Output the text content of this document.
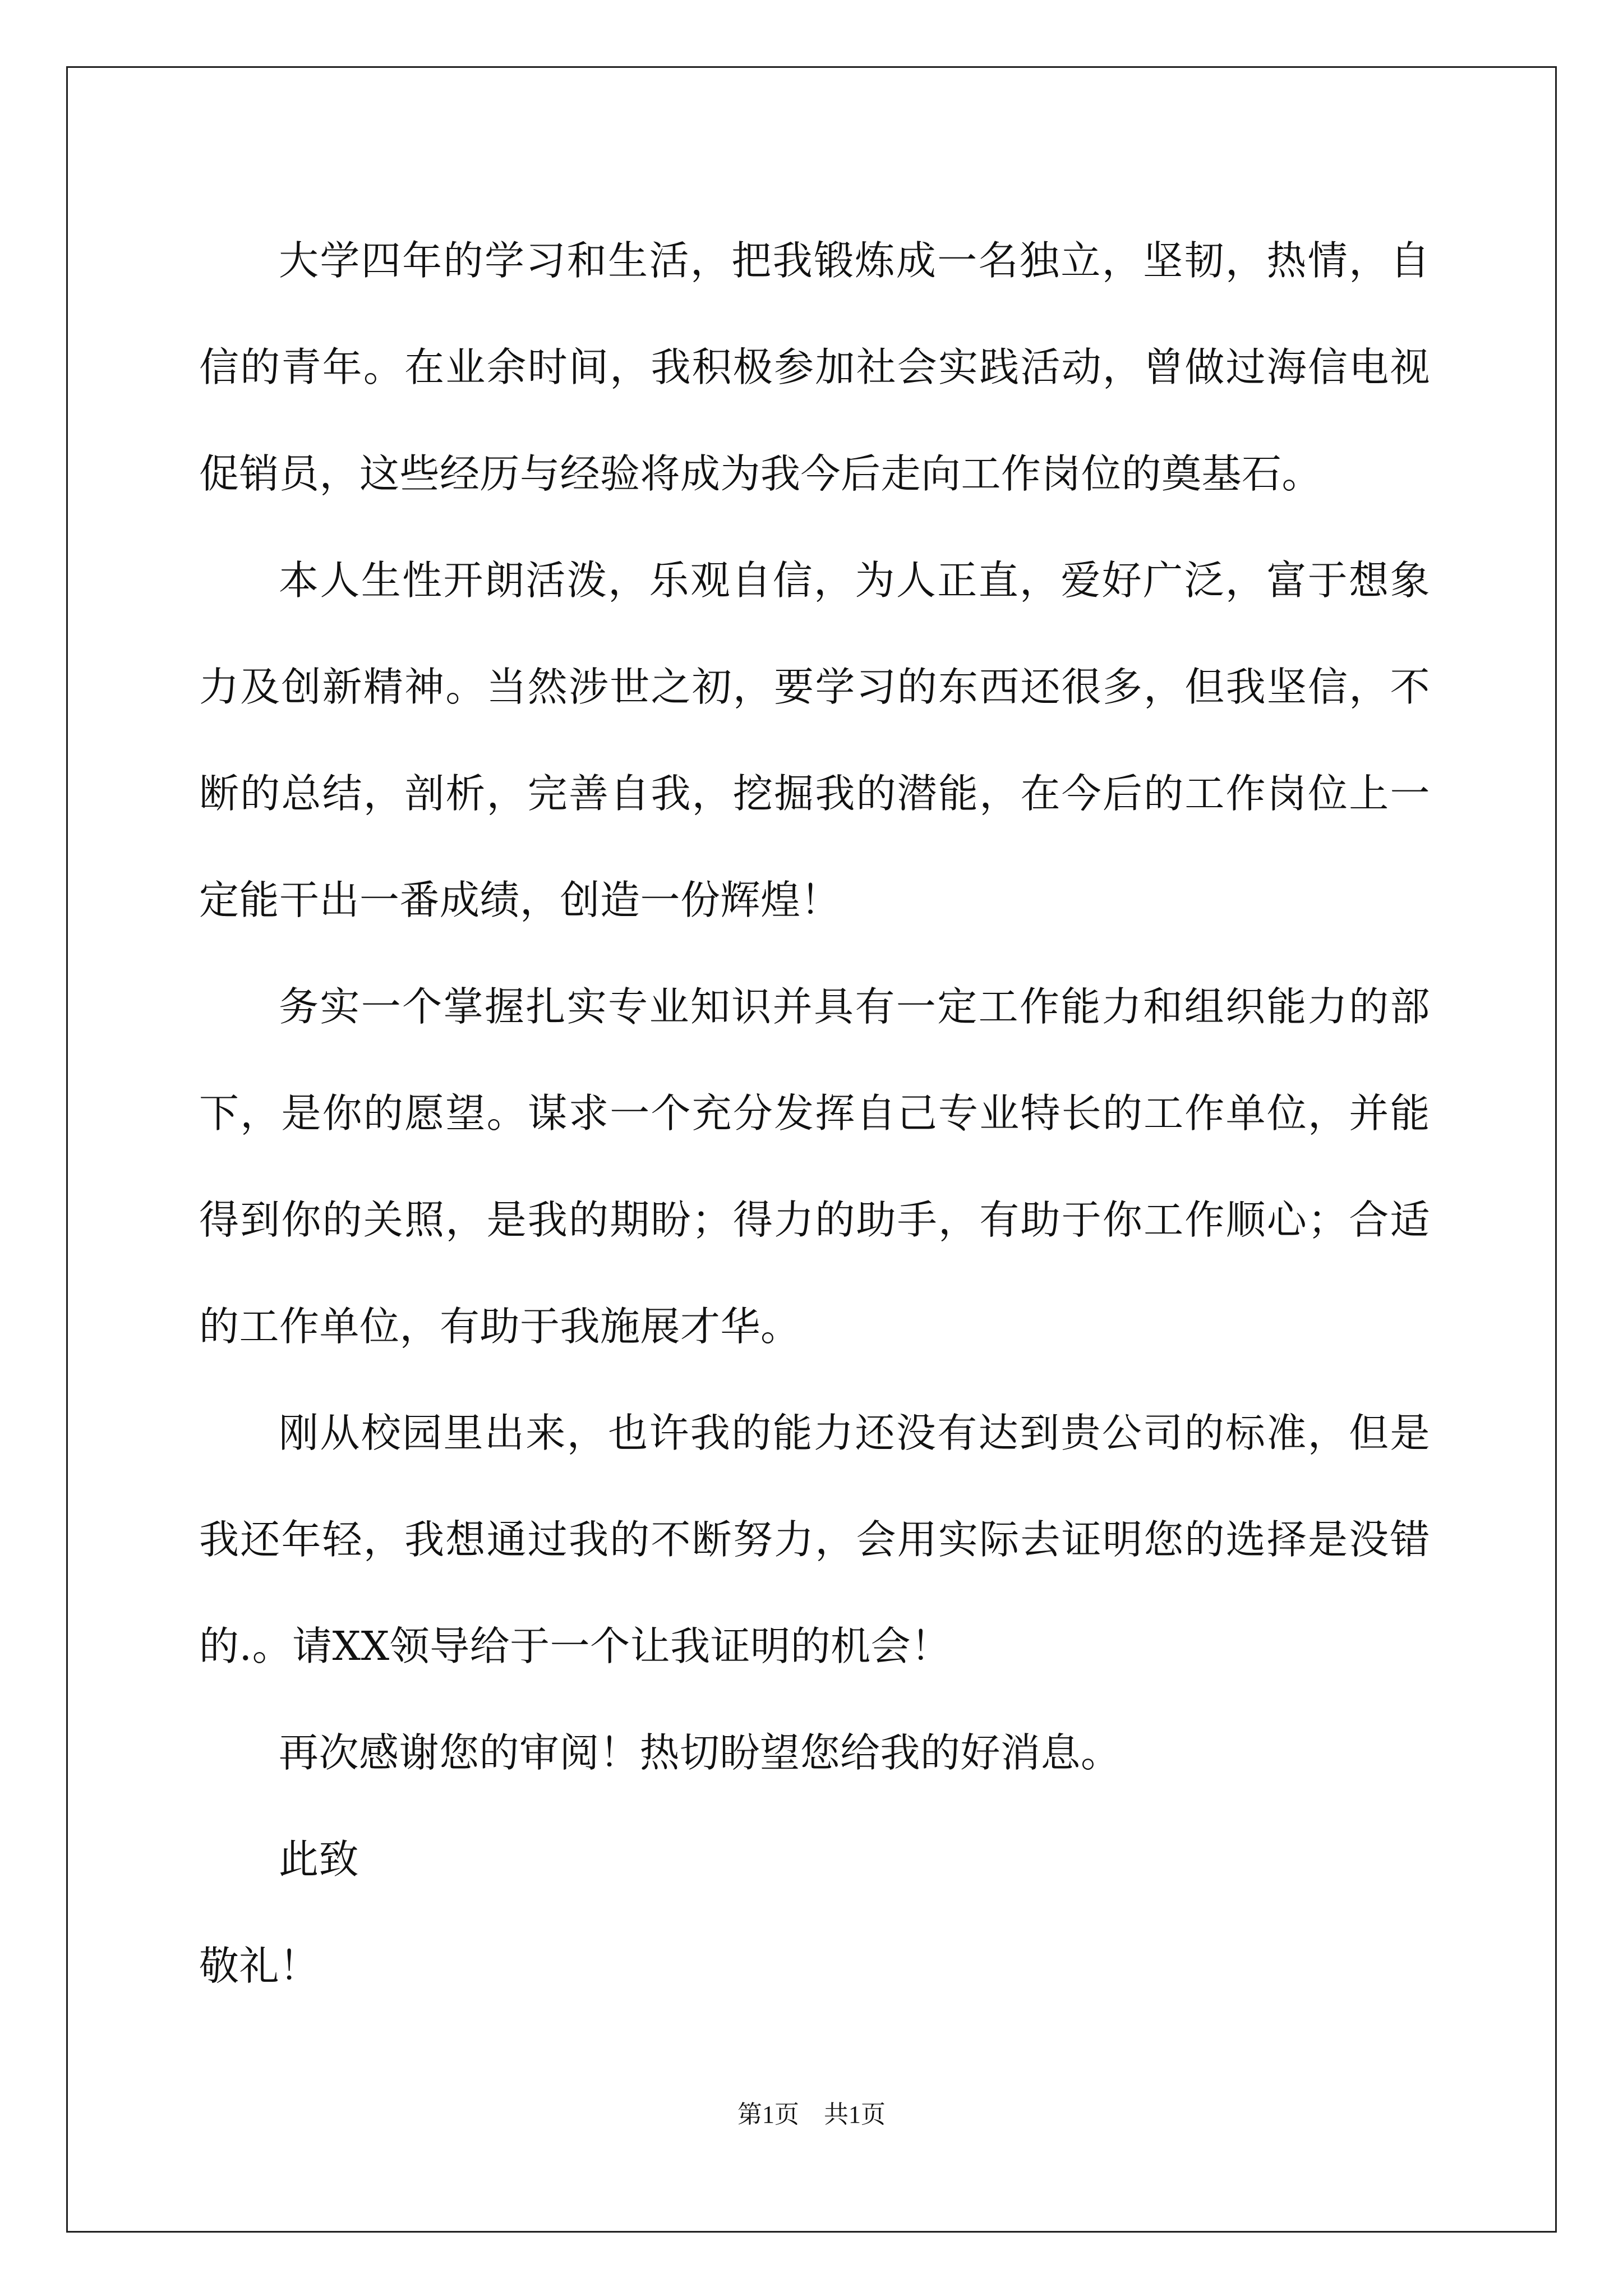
大学四年的学习和生活，把我锻炼成一名独立，坚韧，热情，自信的青年。在业余时间，我积极参加社会实践活动，曾做过海信电视促销员，这些经历与经验将成为我今后走向工作岗位的奠基石。

本人生性开朗活泼，乐观自信，为人正直，爱好广泛，富于想象力及创新精神。当然涉世之初，要学习的东西还很多，但我坚信，不断的总结，剖析，完善自我，挖掘我的潜能，在今后的工作岗位上一定能干出一番成绩，创造一份辉煌！

务实一个掌握扎实专业知识并具有一定工作能力和组织能力的部下，是你的愿望。谋求一个充分发挥自己专业特长的工作单位，并能得到你的关照，是我的期盼；得力的助手，有助于你工作顺心；合适的工作单位，有助于我施展才华。

刚从校园里出来，也许我的能力还没有达到贵公司的标准，但是我还年轻，我想通过我的不断努力，会用实际去证明您的选择是没错的.。请XX领导给于一个让我证明的机会！

再次感谢您的审阅！热切盼望您给我的好消息。

此致

敬礼！

第1页 共1页
